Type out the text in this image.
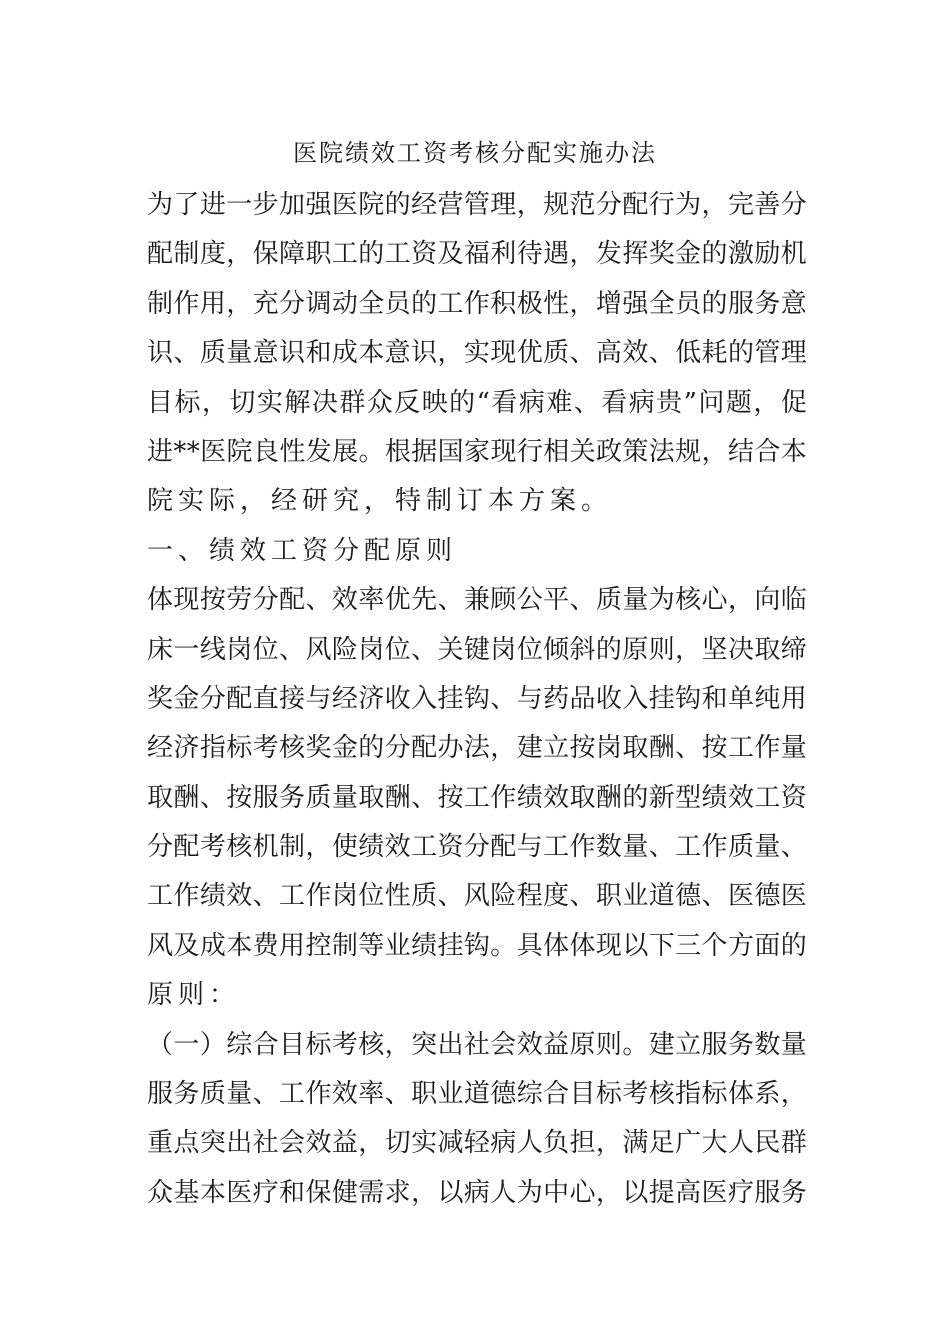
医院绩效工资考核分配实施办法
为 了 进 一 步 加 强 医 院 的 经 营 管 理 ， 规 范 分 配 行 为 ， 完 善 分
配 制 度 ， 保 障 职 工 的 工 资 及 福 利 待 遇 ， 发 挥 奖 金 的 激 励 机
制 作 用 ， 充 分 调 动 全 员 的 工 作 积 极 性 ， 增 强 全 员 的 服 务 意
识 、 质 量 意 识 和 成 本 意 识 ， 实 现 优 质 、 高 效 、 低 耗 的 管 理
目 标 ， 切 实 解 决 群 众 反 映 的 “ 看 病 难 、 看 病 贵 ” 问 题 ， 促
进 * * 医 院 良 性 发 展 。 根 据 国 家 现 行 相 关 政 策 法 规 ， 结 合 本
院实际，经研究，特制订本方案。
一、绩效工资分配原则
体 现 按 劳 分 配 、 效 率 优 先 、 兼 顾 公 平 、 质 量 为 核 心 ， 向 临
床 一 线 岗 位 、 风 险 岗 位 、 关 键 岗 位 倾 斜 的 原 则 ， 坚 决 取 缔
奖 金 分 配 直 接 与 经 济 收 入 挂 钩 、 与 药 品 收 入 挂 钩 和 单 纯 用
经 济 指 标 考 核 奖 金 的 分 配 办 法 ， 建 立 按 岗 取 酬 、 按 工 作 量
取 酬 、 按 服 务 质 量 取 酬 、 按 工 作 绩 效 取 酬 的 新 型 绩 效 工 资
分 配 考 核 机 制 ， 使 绩 效 工 资 分 配 与 工 作 数 量 、 工 作 质 量 、
工 作 绩 效 、 工 作 岗 位 性 质 、 风 险 程 度 、 职 业 道 德 、 医 德 医
风 及 成 本 费 用 控 制 等 业 绩 挂 钩 。 具 体 体 现 以 下 三 个 方 面 的
原则：
（ 一 ） 综 合 目 标 考 核 ， 突 出 社 会 效 益 原 则 。 建 立 服 务 数 量
服 务 质 量 、 工 作 效 率 、 职 业 道 德 综 合 目 标 考 核 指 标 体 系 ，
重 点 突 出 社 会 效 益 ， 切 实 减 轻 病 人 负 担 ， 满 足 广 大 人 民 群
众 基 本 医 疗 和 保 健 需 求 ， 以 病 人 为 中 心 ， 以 提 高 医 疗 服 务
